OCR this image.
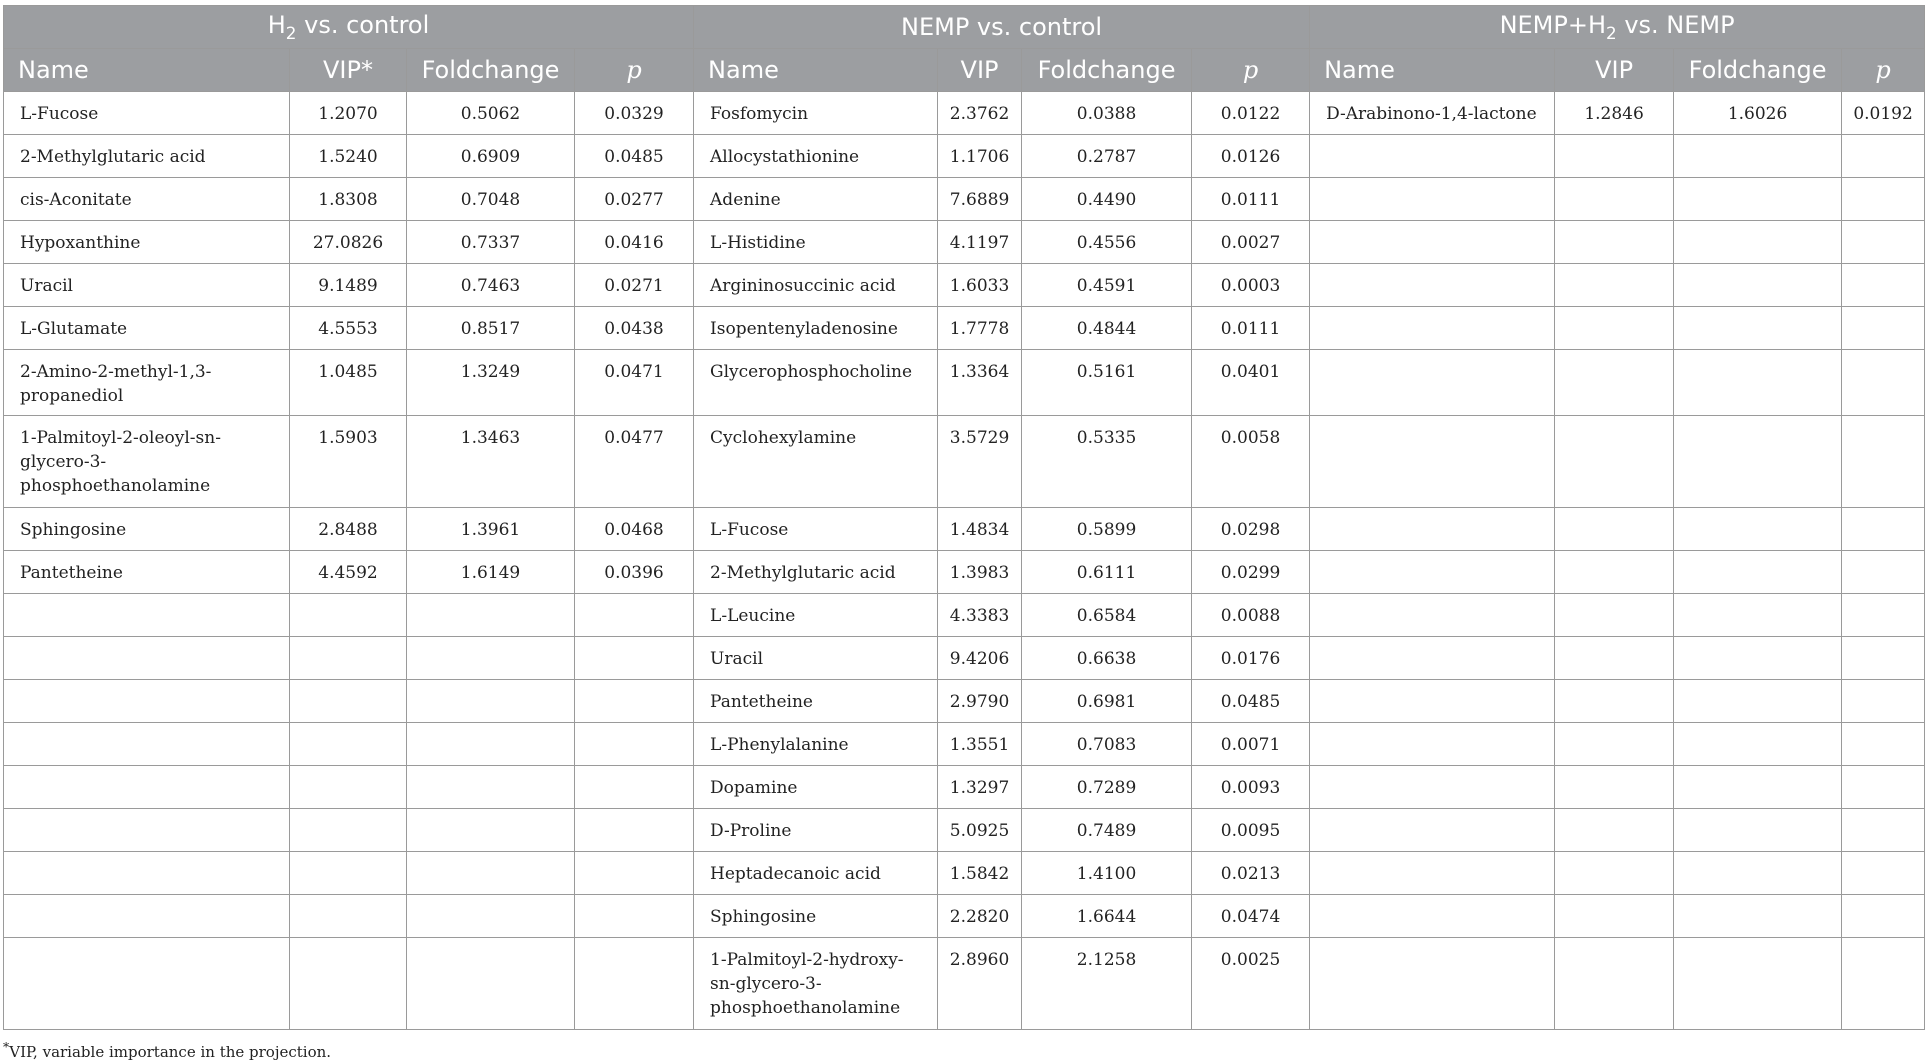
$H_2$ vs. control				NEMP vs. control				$NEMP+H_2$ vs. NEMP			
Name	VIP*	Foldchange	p	Name	VIP	Foldchange	p	Name	VIP	Foldchange	p
L-Fucose	1.2070	0.5062	0.0329	Fosfomycin	2.3762	0.0388	0.0122	D-Arabinono-1,4-lactone	1.2846	1.6026	0.0192
2-Methylglutaric acid	1.5240	0.6909	0.0485	Allocystathionine	1.1706	0.2787	0.0126				
cis-Aconitate	1.8308	0.7048	0.0277	Adenine	7.6889	0.4490	0.0111				
Hypoxanthine	27.0826	0.7337	0.0416	L-Histidine	4.1197	0.4556	0.0027				
Uracil	9.1489	0.7463	0.0271	Argininosuccinic acid	1.6033	0.4591	0.0003				
L-Glutamate	4.5553	0.8517	0.0438	Isopentenyladenosine	1.7778	0.4844	0.0111				
2-Amino-2-methyl-1,3-propanediol	1.0485	1.3249	0.0471	Glycerophosphocholine	1.3364	0.5161	0.0401				
1-Palmitoyl-2-oleoyl-sn-glycero-3-phosphoethanolamine	1.5903	1.3463	0.0477	Cyclohexylamine	3.5729	0.5335	0.0058				
Sphingosine	2.8488	1.3961	0.0468	L-Fucose	1.4834	0.5899	0.0298				
Pantetheine	4.4592	1.6149	0.0396	2-Methylglutaric acid	1.3983	0.6111	0.0299				
				L-Leucine	4.3383	0.6584	0.0088				
				Uracil	9.4206	0.6638	0.0176				
				Pantetheine	2.9790	0.6981	0.0485				
				L-Phenylalanine	1.3551	0.7083	0.0071				
				Dopamine	1.3297	0.7289	0.0093				
				D-Proline	5.0925	0.7489	0.0095				
				Heptadecanoic acid	1.5842	1.4100	0.0213				
				Sphingosine	2.2820	1.6644	0.0474				
				1-Palmitoyl-2-hydroxy-sn-glycero-3-phosphoethanolamine	2.8960	2.1258	0.0025				
*VIP, variable importance in the projection.
